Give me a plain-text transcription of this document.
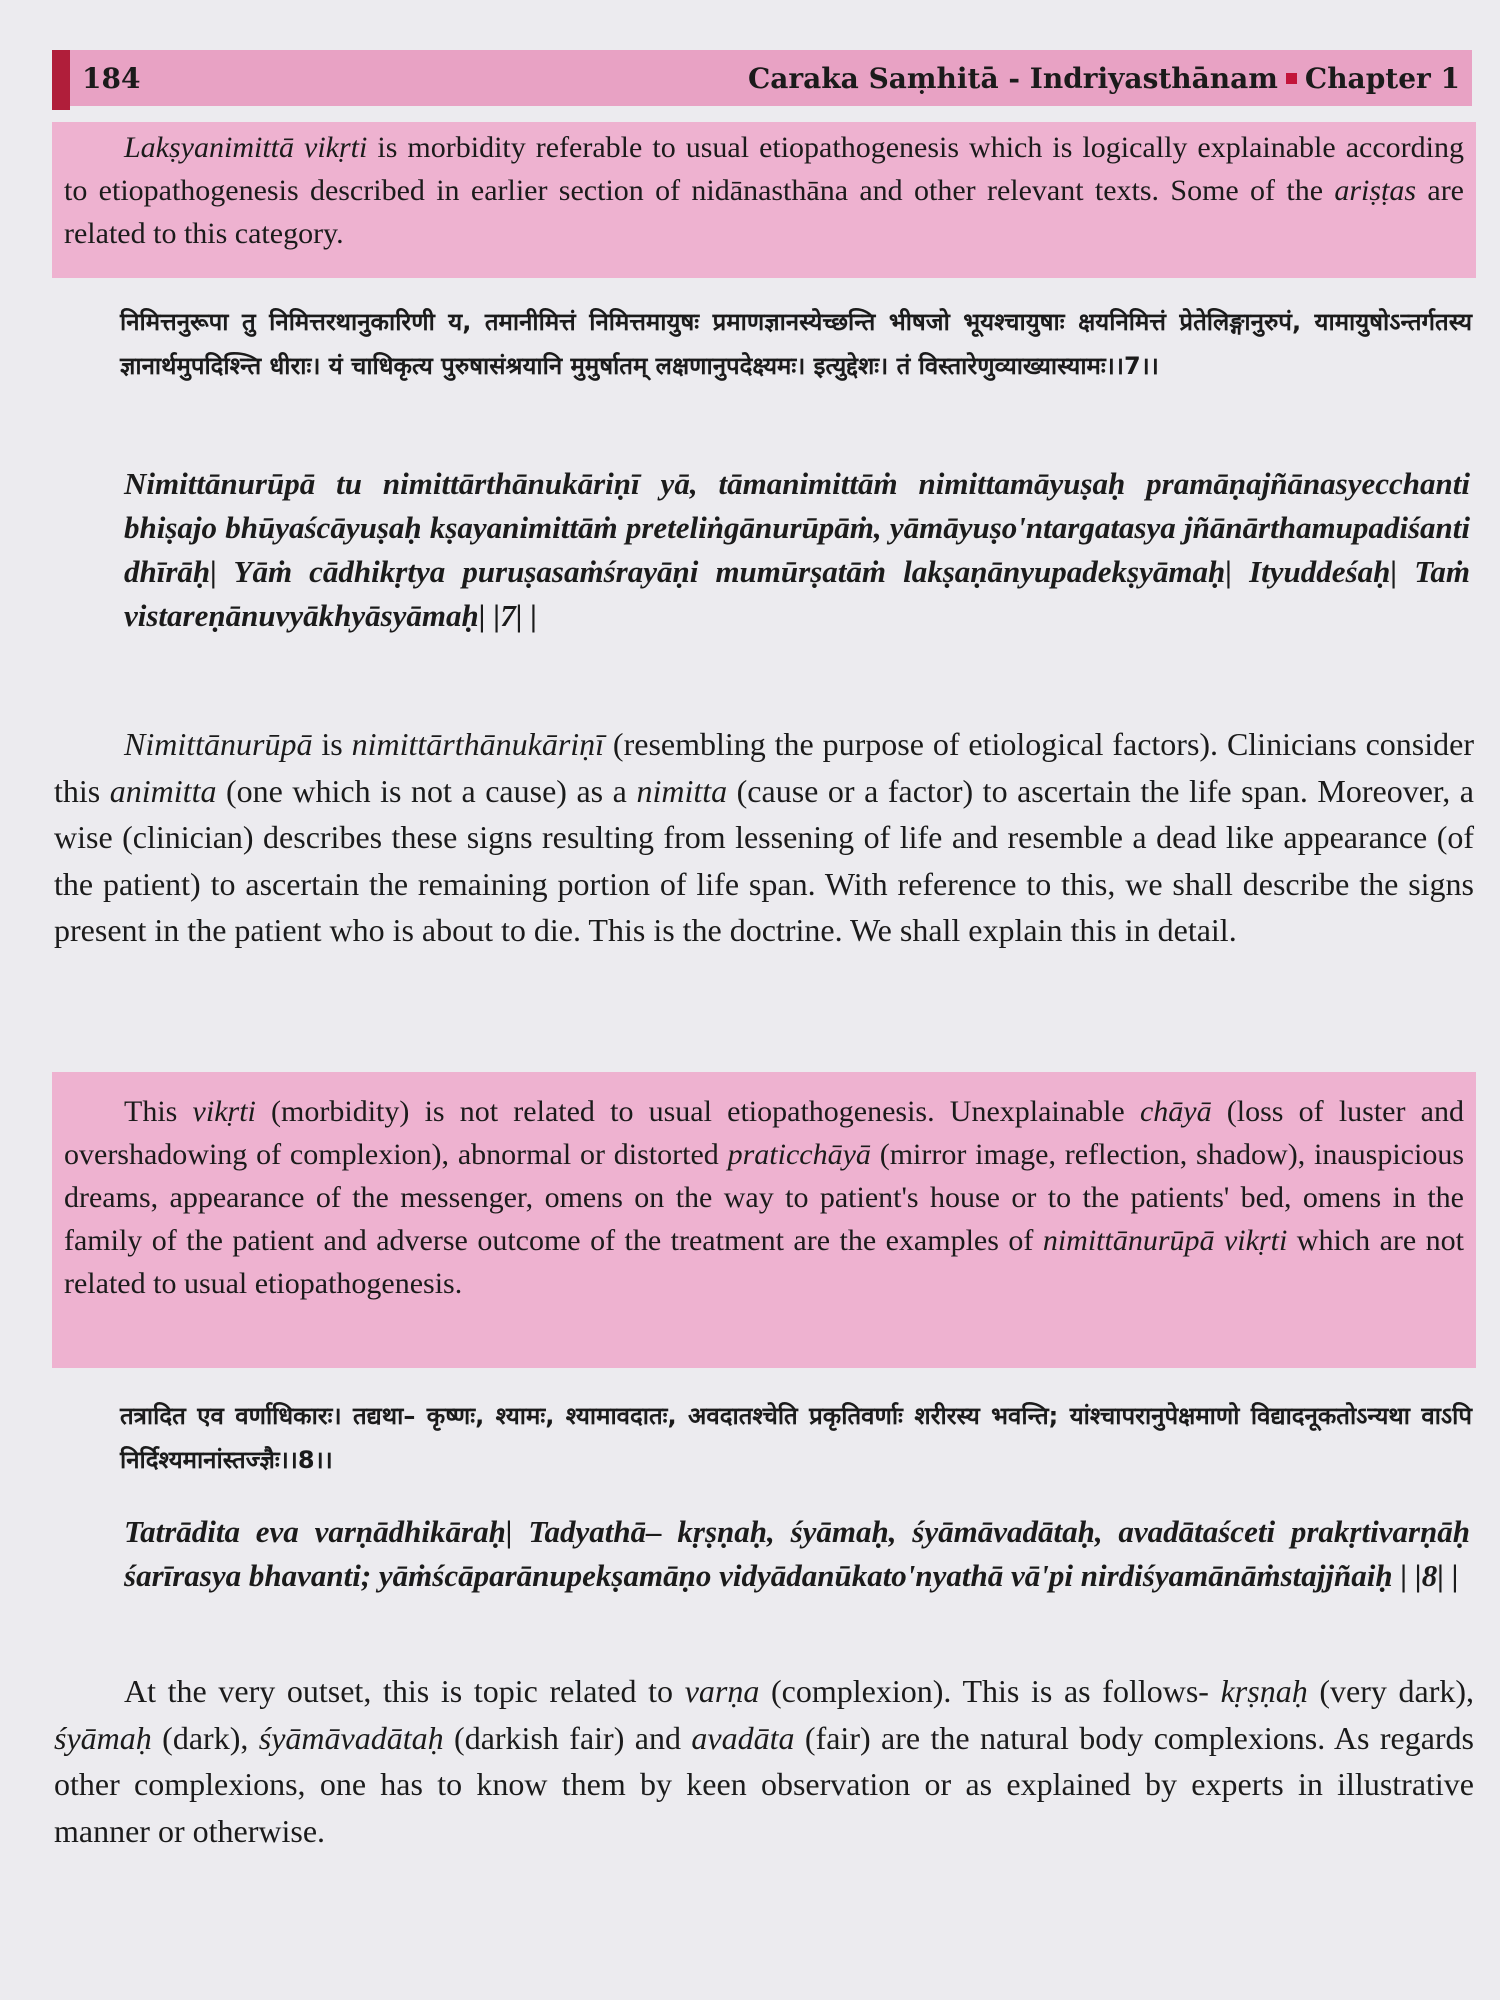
184	Caraka Saṃhitā - Indriyasthānam Chapter 1

Lakṣyanimittā vikṛti is morbidity referable to usual etiopathogenesis which is logically explainable according to etiopathogenesis described in earlier section of nidānasthāna and other relevant texts. Some of the ariṣṭas are related to this category.

निमित्तनुरूपा तु निमित्तरथानुकारिणी य, तमानीमित्तं निमित्तमायुषः प्रमाणज्ञानस्येच्छन्ति भीषजो भूयश्चायुषाः क्षयनिमित्तं प्रेतेलिङ्गानुरुपं, यामायुषोऽन्तर्गतस्य ज्ञानार्थमुपदिश्न्ति धीराः। यं चाधिकृत्य पुरुषासंश्रयानि मुमुर्षातम् लक्षणानुपदेक्ष्यमः। इत्युद्देशः। तं विस्तारेणुव्याख्यास्यामः।।7।।

Nimittānurūpā tu nimittārthānukāriṇī yā, tāmanimittāṁ nimittamāyuṣaḥ pramāṇajñānasyecchanti bhiṣajo bhūyaścāyuṣaḥ kṣayanimittāṁ preteliṅgānurūpāṁ, yāmāyuṣo'ntargatasya jñānārthamupadiśanti dhīrāḥ| Yāṁ cādhikṛtya puruṣasaṁśrayāṇi mumūrṣatāṁ lakṣaṇānyupadekṣyāmaḥ| Ityuddeśaḥ| Taṁ vistareṇānuvyākhyāsyāmaḥ| |7| |

Nimittānurūpā is nimittārthānukāriṇī (resembling the purpose of etiological factors). Clinicians consider this animitta (one which is not a cause) as a nimitta (cause or a factor) to ascertain the life span. Moreover, a wise (clinician) describes these signs resulting from lessening of life and resemble a dead like appearance (of the patient) to ascertain the remaining portion of life span. With reference to this, we shall describe the signs present in the patient who is about to die. This is the doctrine. We shall explain this in detail.

This vikṛti (morbidity) is not related to usual etiopathogenesis. Unexplainable chāyā (loss of luster and overshadowing of complexion), abnormal or distorted praticchāyā (mirror image, reflection, shadow), inauspicious dreams, appearance of the messenger, omens on the way to patient's house or to the patients' bed, omens in the family of the patient and adverse outcome of the treatment are the examples of nimittānurūpā vikṛti which are not related to usual etiopathogenesis.

तत्रादित एव वर्णाधिकारः। तद्यथा– कृष्णः, श्यामः, श्यामावदातः, अवदातश्चेति प्रकृतिवर्णाः शरीरस्य भवन्ति; यांश्चापरानुपेक्षमाणो विद्यादनूकतोऽन्यथा वाऽपि निर्दिश्यमानांस्तज्ज्ञैः।।8।।

Tatrādita eva varṇādhikāraḥ| Tadyathā– kṛṣṇaḥ, śyāmaḥ, śyāmāvadātaḥ, avadātaśceti prakṛtivarṇāḥ śarīrasya bhavanti; yāṁścāparānupekṣamāṇo vidyādanūkato'nyathā vā'pi nirdiśyamānāṁstajjñaiḥ | |8| |

At the very outset, this is topic related to varṇa (complexion). This is as follows- kṛṣṇaḥ (very dark), śyāmaḥ (dark), śyāmāvadātaḥ (darkish fair) and avadāta (fair) are the natural body complexions. As regards other complexions, one has to know them by keen observation or as explained by experts in illustrative manner or otherwise.
